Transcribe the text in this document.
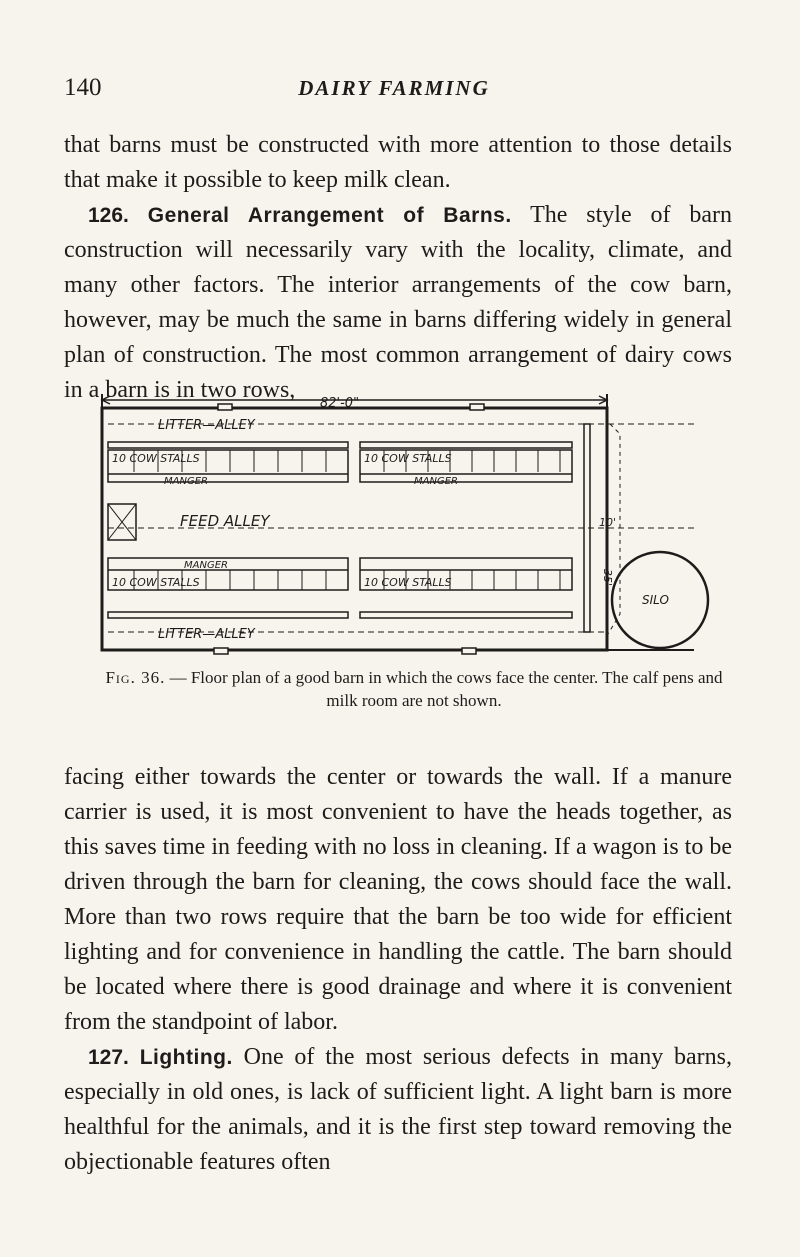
140	DAIRY FARMING

that barns must be constructed with more attention to those details that make it possible to keep milk clean.

 126. General Arrangement of Barns. The style of barn construction will necessarily vary with the locality, climate, and many other factors. The interior arrangements of the cow barn, however, may be much the same in barns differing widely in general plan of construction. The most common arrangement of dairy cows in a barn is in two rows,

82'-0"
LITTER—ALLEY
10 COW STALLS	10 COW STALLS
MANGER	MANGER
FEED ALLEY
MANGER
10 COW STALLS	10 COW STALLS
LITTER—ALLEY
10'
35'
SILO
Fig. 36. — Floor plan of a good barn in which the cows face the center. The calf pens and milk room are not shown.

facing either towards the center or towards the wall. If a manure carrier is used, it is most convenient to have the heads together, as this saves time in feeding with no loss in cleaning. If a wagon is to be driven through the barn for cleaning, the cows should face the wall. More than two rows require that the barn be too wide for efficient lighting and for convenience in handling the cattle. The barn should be located where there is good drainage and where it is convenient from the standpoint of labor.

 127. Lighting. One of the most serious defects in many barns, especially in old ones, is lack of sufficient light. A light barn is more healthful for the animals, and it is the first step toward removing the objectionable features often
